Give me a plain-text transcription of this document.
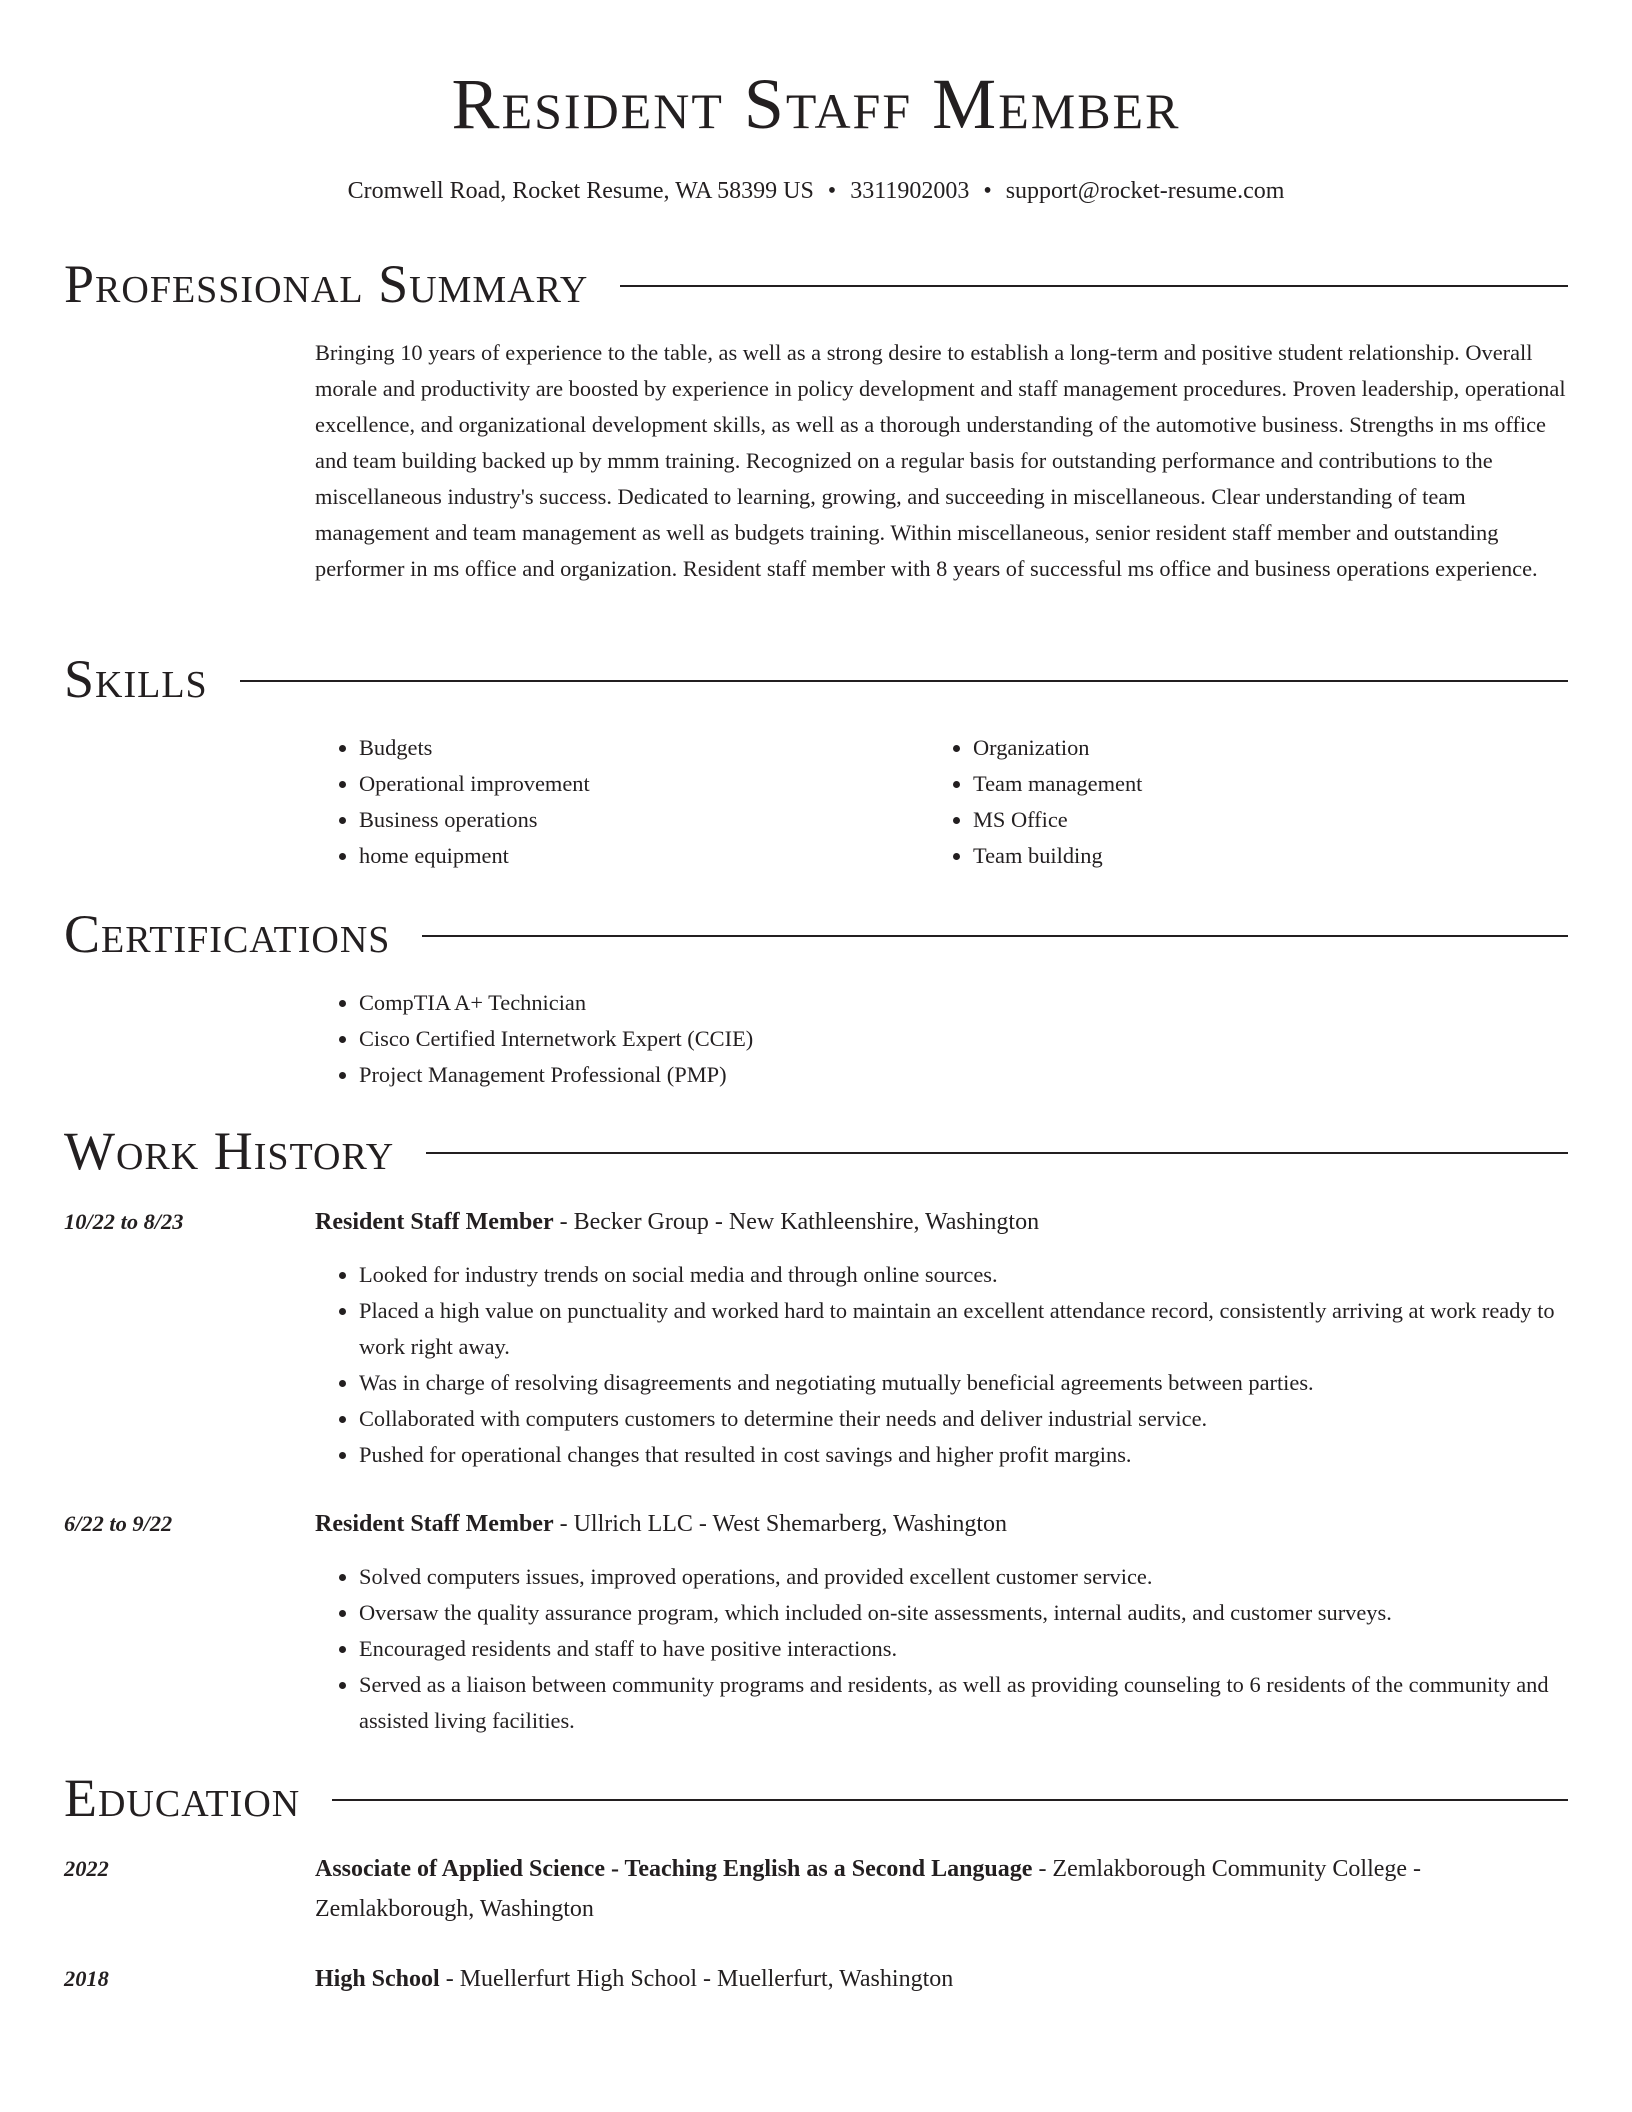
Resident Staff Member
Cromwell Road, Rocket Resume, WA 58399 US • 3311902003 • support@rocket-resume.com
Professional Summary
Bringing 10 years of experience to the table, as well as a strong desire to establish a long-term and positive student relationship. Overall morale and productivity are boosted by experience in policy development and staff management procedures. Proven leadership, operational excellence, and organizational development skills, as well as a thorough understanding of the automotive business. Strengths in ms office and team building backed up by mmm training. Recognized on a regular basis for outstanding performance and contributions to the miscellaneous industry's success. Dedicated to learning, growing, and succeeding in miscellaneous. Clear understanding of team management and team management as well as budgets training. Within miscellaneous, senior resident staff member and outstanding performer in ms office and organization. Resident staff member with 8 years of successful ms office and business operations experience.
Skills
• Budgets
• Operational improvement
• Business operations
• home equipment
• Organization
• Team management
• MS Office
• Team building
Certifications
• CompTIA A+ Technician
• Cisco Certified Internetwork Expert (CCIE)
• Project Management Professional (PMP)
Work History
10/22 to 8/23	Resident Staff Member - Becker Group - New Kathleenshire, Washington
• Looked for industry trends on social media and through online sources.
• Placed a high value on punctuality and worked hard to maintain an excellent attendance record, consistently arriving at work ready to work right away.
• Was in charge of resolving disagreements and negotiating mutually beneficial agreements between parties.
• Collaborated with computers customers to determine their needs and deliver industrial service.
• Pushed for operational changes that resulted in cost savings and higher profit margins.
6/22 to 9/22	Resident Staff Member - Ullrich LLC - West Shemarberg, Washington
• Solved computers issues, improved operations, and provided excellent customer service.
• Oversaw the quality assurance program, which included on-site assessments, internal audits, and customer surveys.
• Encouraged residents and staff to have positive interactions.
• Served as a liaison between community programs and residents, as well as providing counseling to 6 residents of the community and assisted living facilities.
Education
2022	Associate of Applied Science - Teaching English as a Second Language - Zemlakborough Community College - Zemlakborough, Washington
2018	High School - Muellerfurt High School - Muellerfurt, Washington
